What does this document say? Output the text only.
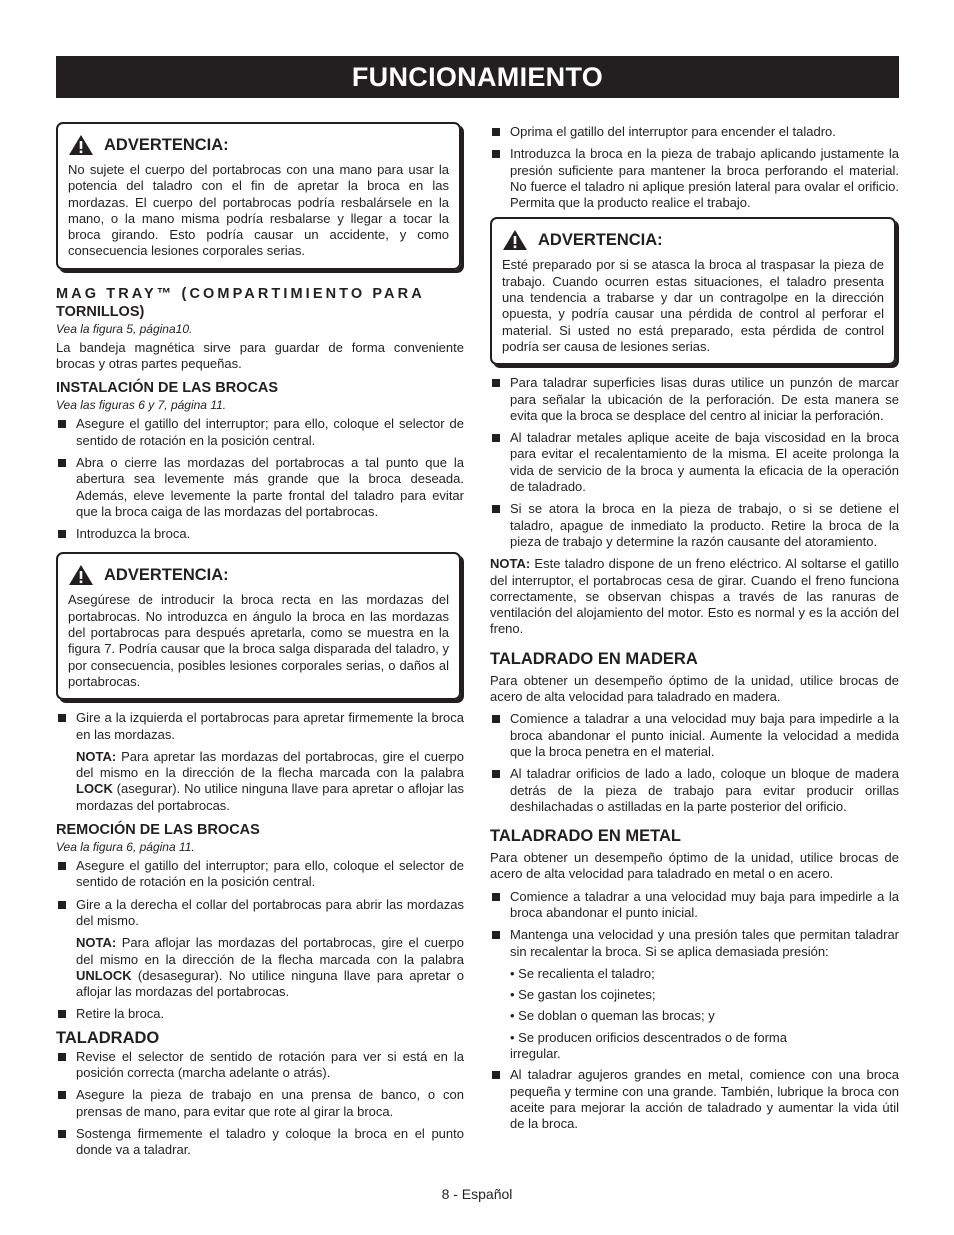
FUNCIONAMIENTO
ADVERTENCIA:

No sujete el cuerpo del portabrocas con una mano para usar la potencia del taladro con el fin de apretar la broca en las mordazas. El cuerpo del portabrocas podría resbalársele en la mano, o la mano misma podría resbalarse y llegar a tocar la broca girando. Esto podría causar un accidente, y como consecuencia lesiones corporales serias.

MAG TRAY™ (COMPARTIMIENTO PARA
TORNILLOS)
Vea la figura 5, página10.

La bandeja magnética sirve para guardar de forma conveniente brocas y otras partes pequeñas.

INSTALACIÓN DE LAS BROCAS
Vea las figuras 6 y 7, página 11.
Asegure el gatillo del interruptor; para ello, coloque el selector de sentido de rotación en la posición central.
Abra o cierre las mordazas del portabrocas a tal punto que la abertura sea levemente más grande que la broca deseada. Además, eleve levemente la parte frontal del taladro para evitar que la broca caiga de las mordazas del portabrocas.
Introduzca la broca.
ADVERTENCIA:

Asegúrese de introducir la broca recta en las mordazas del portabrocas. No introduzca en ángulo la broca en las mordazas del portabrocas para después apretarla, como se muestra en la figura 7. Podría causar que la broca salga disparada del taladro, y por consecuencia, posibles lesiones corporales serias, o daños al portabrocas.

Gire a la izquierda el portabrocas para apretar firmemente la broca en las mordazas.

NOTA: Para apretar las mordazas del portabrocas, gire el cuerpo del mismo en la dirección de la flecha marcada con la palabra LOCK (asegurar). No utilice ninguna llave para apretar o aflojar las mordazas del portabrocas.

REMOCIÓN DE LAS BROCAS
Vea la figura 6, página 11.
Asegure el gatillo del interruptor; para ello, coloque el selector de sentido de rotación en la posición central.
Gire a la derecha el collar del portabrocas para abrir las mordazas del mismo.

NOTA: Para aflojar las mordazas del portabrocas, gire el cuerpo del mismo en la dirección de la flecha marcada con la palabra UNLOCK (desasegurar). No utilice ninguna llave para apretar o aflojar las mordazas del portabrocas.

Retire la broca.
TALADRADO
Revise el selector de sentido de rotación para ver si está en la posición correcta (marcha adelante o atrás).
Asegure la pieza de trabajo en una prensa de banco, o con prensas de mano, para evitar que rote al girar la broca.
Sostenga firmemente el taladro y coloque la broca en el punto donde va a taladrar.
Oprima el gatillo del interruptor para encender el taladro.
Introduzca la broca en la pieza de trabajo aplicando justamente la presión suficiente para mantener la broca perforando el material. No fuerce el taladro ni aplique presión lateral para ovalar el orificio. Permita que la producto realice el trabajo.
ADVERTENCIA:

Esté preparado por si se atasca la broca al traspasar la pieza de trabajo. Cuando ocurren estas situaciones, el taladro presenta una tendencia a trabarse y dar un contragolpe en la dirección opuesta, y podría causar una pérdida de control al perforar el material. Si usted no está preparado, esta pérdida de control podría ser causa de lesiones serias.

Para taladrar superficies lisas duras utilice un punzón de marcar para señalar la ubicación de la perforación. De esta manera se evita que la broca se desplace del centro al iniciar la perforación.
Al taladrar metales aplique aceite de baja viscosidad en la broca para evitar el recalentamiento de la misma. El aceite prolonga la vida de servicio de la broca y aumenta la eficacia de la operación de taladrado.
Si se atora la broca en la pieza de trabajo, o si se detiene el taladro, apague de inmediato la producto. Retire la broca de la pieza de trabajo y determine la razón causante del atoramiento.

NOTA: Este taladro dispone de un freno eléctrico. Al soltarse el gatillo del interruptor, el portabrocas cesa de girar. Cuando el freno funciona correctamente, se observan chispas a través de las ranuras de ventilación del alojamiento del motor. Esto es normal y es la acción del freno.

TALADRADO EN MADERA

Para obtener un desempeño óptimo de la unidad, utilice brocas de acero de alta velocidad para taladrado en madera.

Comience a taladrar a una velocidad muy baja para impedirle a la broca abandonar el punto inicial. Aumente la velocidad a medida que la broca penetra en el material.
Al taladrar orificios de lado a lado, coloque un bloque de madera detrás de la pieza de trabajo para evitar producir orillas deshilachadas o astilladas en la parte posterior del orificio.
TALADRADO EN METAL

Para obtener un desempeño óptimo de la unidad, utilice brocas de acero de alta velocidad para taladrado en metal o en acero.

Comience a taladrar a una velocidad muy baja para impedirle a la broca abandonar el punto inicial.
Mantenga una velocidad y una presión tales que permitan taladrar sin recalentar la broca. Si se aplica demasiada presión:
• Se recalienta el taladro;
• Se gastan los cojinetes;
• Se doblan o queman las brocas; y
• Se producen orificios descentrados o de forma
irregular.
Al taladrar agujeros grandes en metal, comience con una broca pequeña y termine con una grande. También, lubrique la broca con aceite para mejorar la acción de taladrado y aumentar la vida útil de la broca.
8 - Español
